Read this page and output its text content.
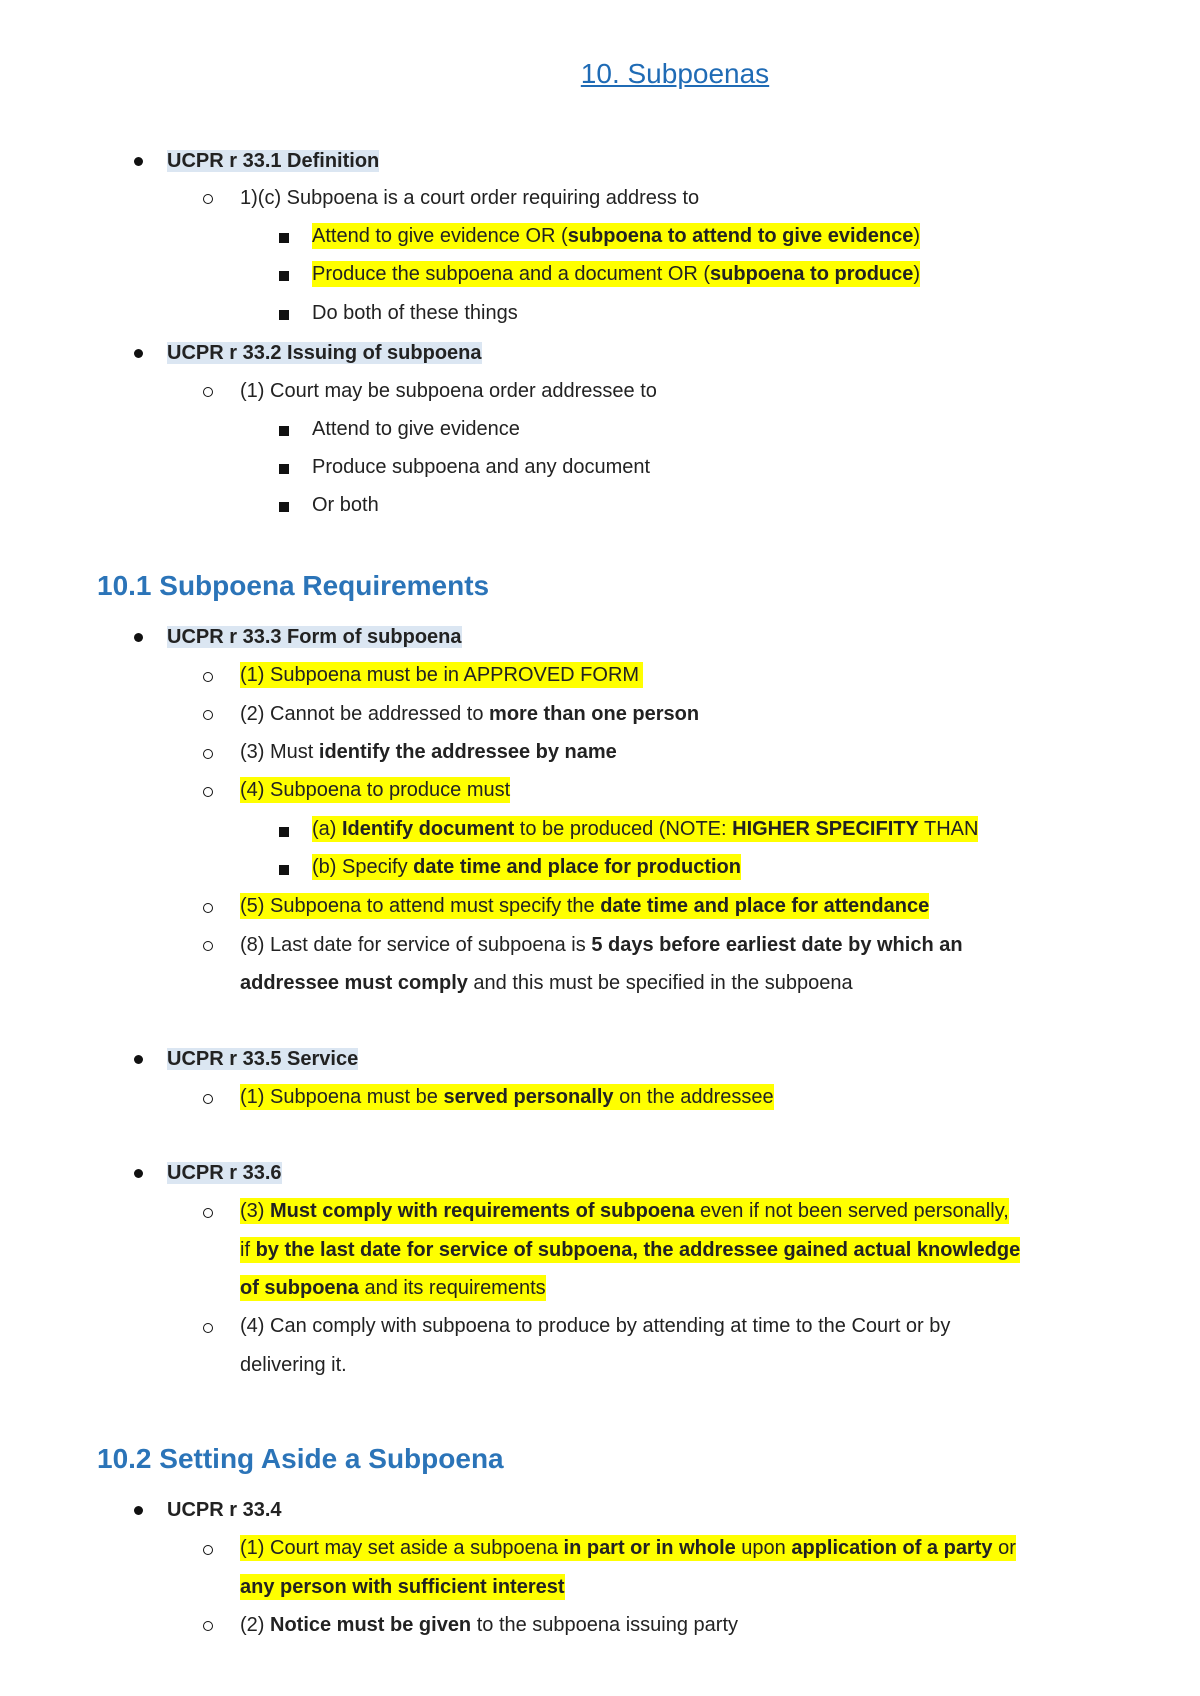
10. Subpoenas
UCPR r 33.1 Definition
1)(c) Subpoena is a court order requiring address to
Attend to give evidence OR (subpoena to attend to give evidence)
Produce the subpoena and a document OR (subpoena to produce)
Do both of these things
UCPR r 33.2 Issuing of subpoena
(1) Court may be subpoena order addressee to
Attend to give evidence
Produce subpoena and any document
Or both
10.1 Subpoena Requirements
UCPR r 33.3 Form of subpoena
(1) Subpoena must be in APPROVED FORM
(2) Cannot be addressed to more than one person
(3) Must identify the addressee by name
(4) Subpoena to produce must
(a) Identify document to be produced (NOTE: HIGHER SPECIFITY THAN
(b) Specify date time and place for production
(5) Subpoena to attend must specify the date time and place for attendance
(8) Last date for service of subpoena is 5 days before earliest date by which an
addressee must comply and this must be specified in the subpoena
UCPR r 33.5 Service
(1) Subpoena must be served personally on the addressee
UCPR r 33.6
(3) Must comply with requirements of subpoena even if not been served personally,
if by the last date for service of subpoena, the addressee gained actual knowledge
of subpoena and its requirements
(4) Can comply with subpoena to produce by attending at time to the Court or by
delivering it.
10.2 Setting Aside a Subpoena
UCPR r 33.4
(1) Court may set aside a subpoena in part or in whole upon application of a party or
any person with sufficient interest
(2) Notice must be given to the subpoena issuing party
